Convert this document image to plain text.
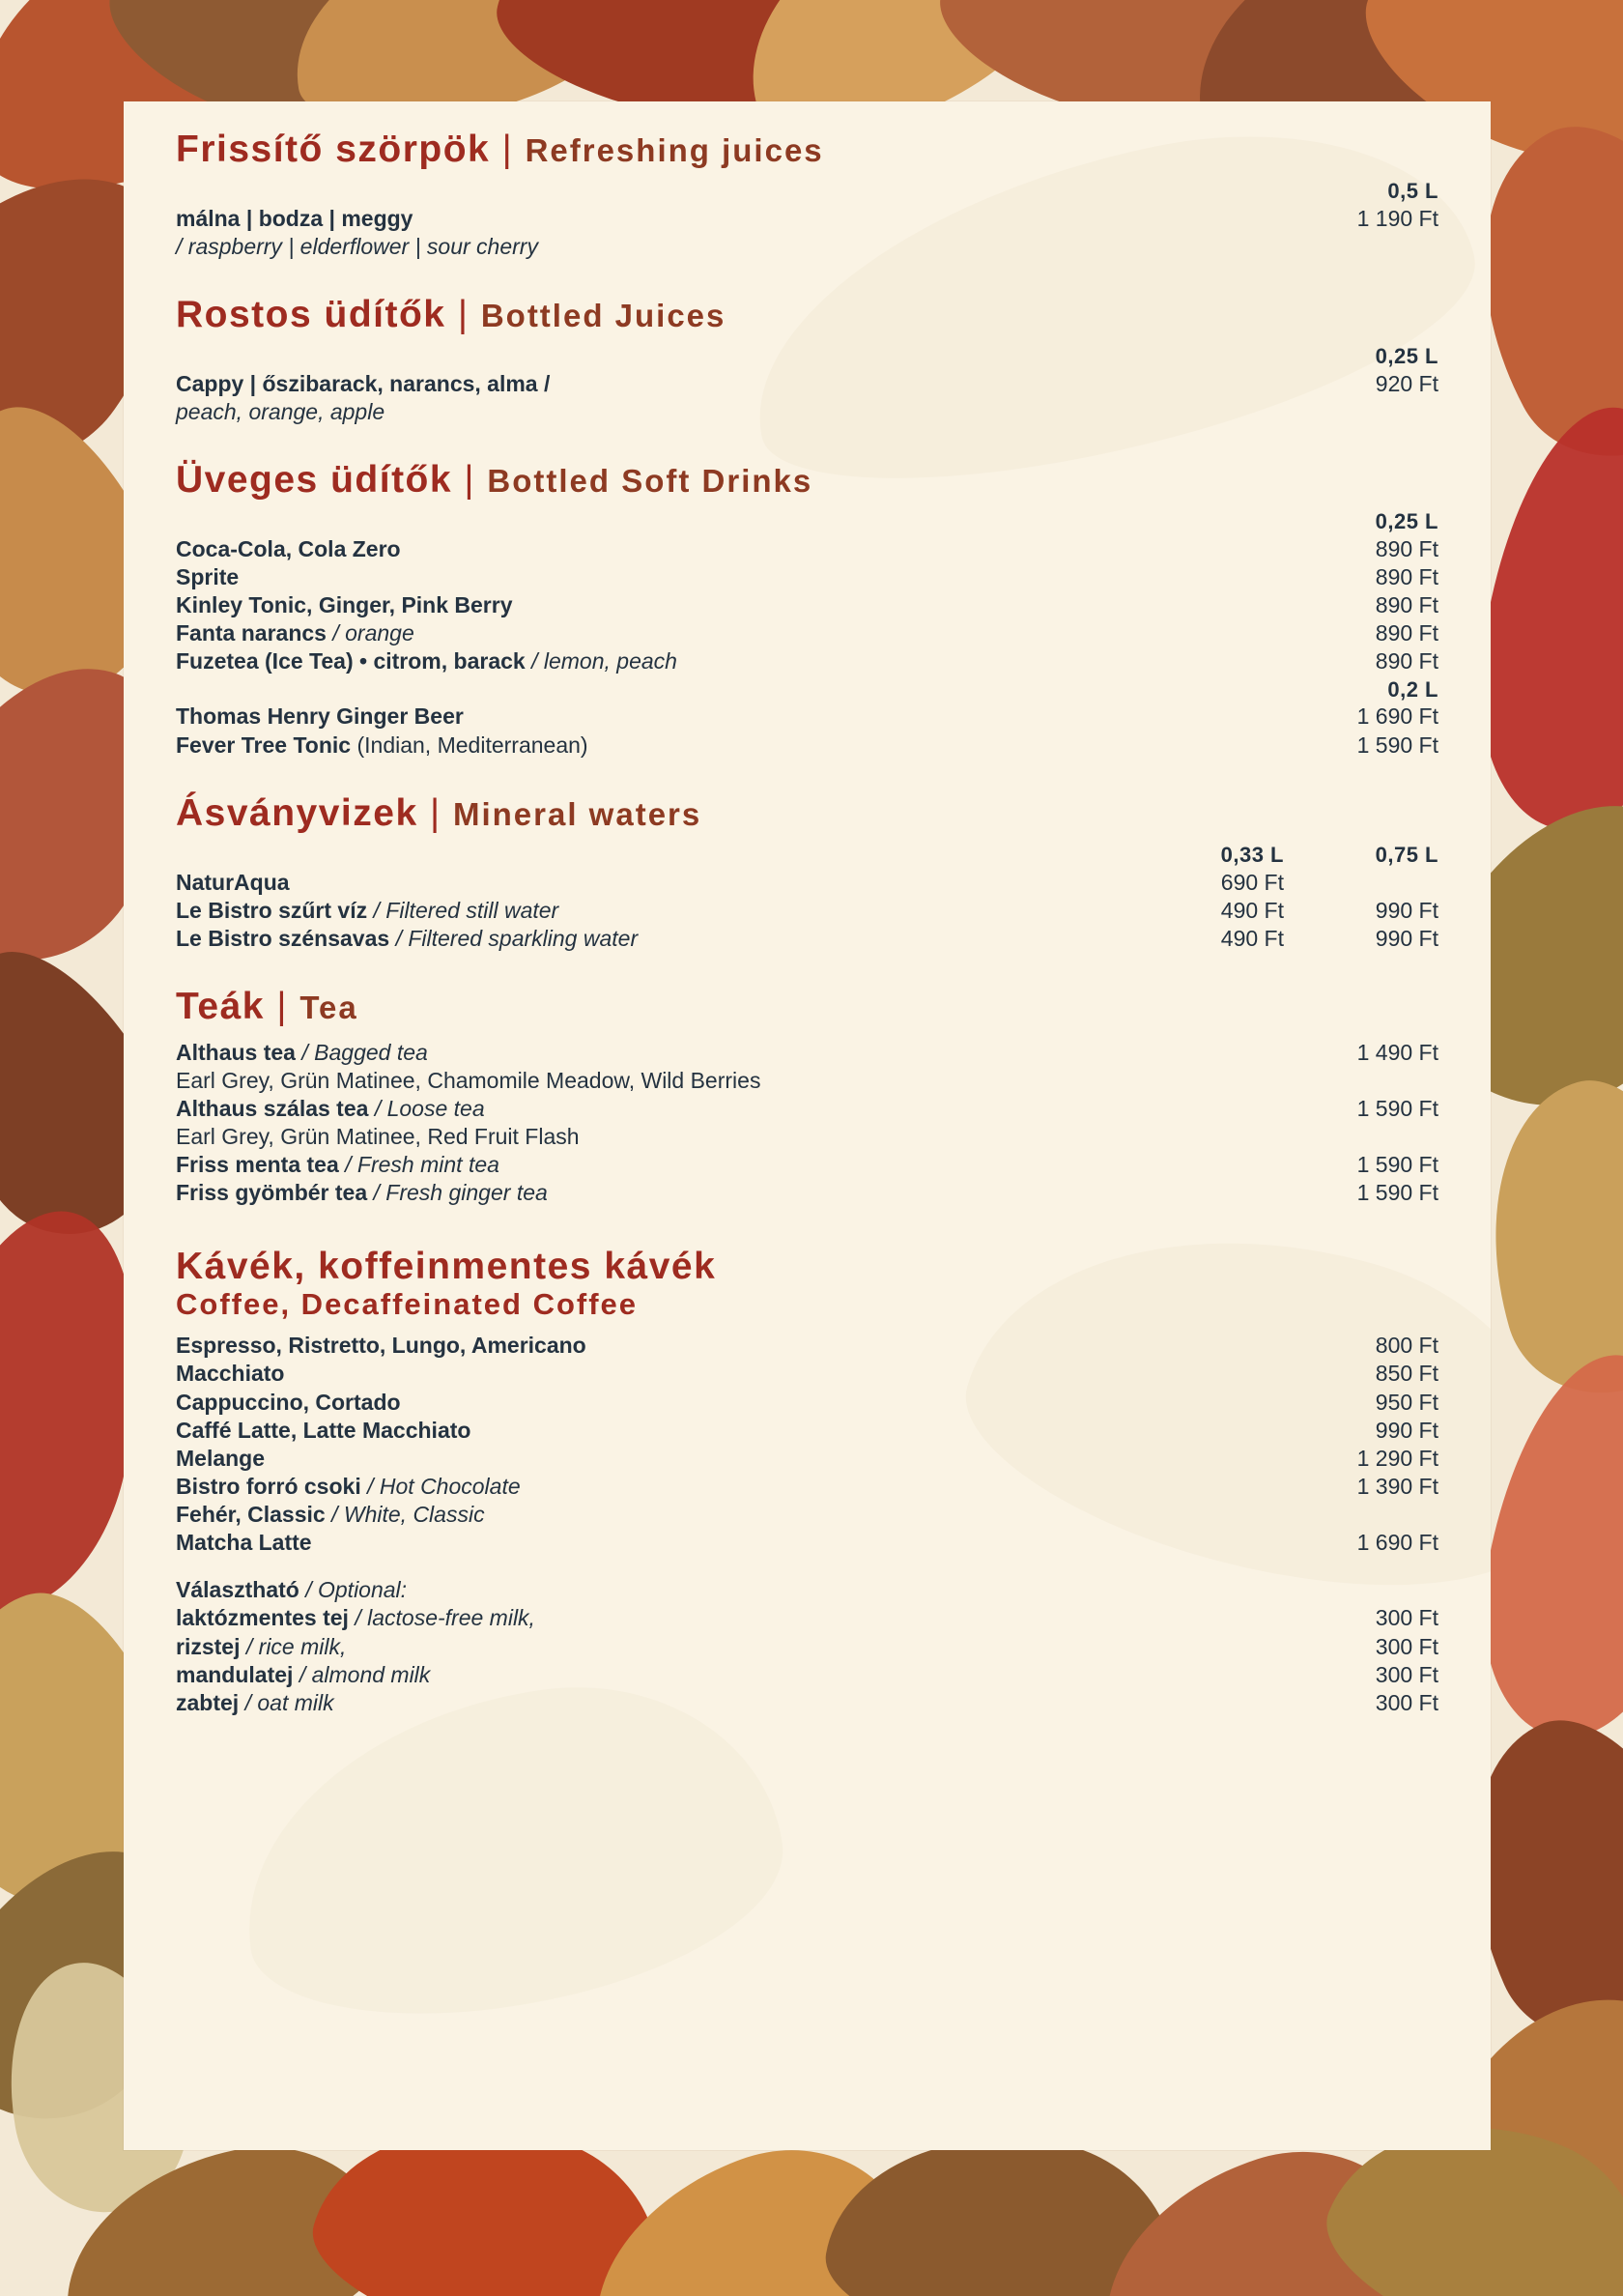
Frissítő szörpök | Refreshing juices
	0,5 L
málna | bodza | meggy	1 190 Ft
/ raspberry | elderflower | sour cherry	
Rostos üdítők | Bottled Juices
	0,25 L
Cappy | őszibarack, narancs, alma /	920 Ft
peach, orange, apple	
Üveges üdítők | Bottled Soft Drinks
	0,25 L
Coca-Cola, Cola Zero	890 Ft
Sprite	890 Ft
Kinley Tonic, Ginger, Pink Berry	890 Ft
Fanta narancs / orange	890 Ft
Fuzetea (Ice Tea) • citrom, barack / lemon, peach	890 Ft
	0,2 L
Thomas Henry Ginger Beer	1 690 Ft
Fever Tree Tonic (Indian, Mediterranean)	1 590 Ft
Ásványvizek | Mineral waters
	0,33 L	0,75 L
NaturAqua	690 Ft	
Le Bistro szűrt víz / Filtered still water	490 Ft	990 Ft
Le Bistro szénsavas / Filtered sparkling water	490 Ft	990 Ft
Teák | Tea
Althaus tea / Bagged tea	1 490 Ft
Earl Grey, Grün Matinee, Chamomile Meadow, Wild Berries	
Althaus szálas tea / Loose tea	1 590 Ft
Earl Grey, Grün Matinee, Red Fruit Flash	
Friss menta tea / Fresh mint tea	1 590 Ft
Friss gyömbér tea / Fresh ginger tea	1 590 Ft
Kávék, koffeinmentes kávék
Coffee, Decaffeinated Coffee
Espresso, Ristretto, Lungo, Americano	800 Ft
Macchiato	850 Ft
Cappuccino, Cortado	950 Ft
Caffé Latte, Latte Macchiato	990 Ft
Melange	1 290 Ft
Bistro forró csoki / Hot Chocolate	1 390 Ft
Fehér, Classic / White, Classic	
Matcha Latte	1 690 Ft
Választható / Optional:	
laktózmentes tej / lactose-free milk,	300 Ft
rizstej / rice milk,	300 Ft
mandulatej / almond milk	300 Ft
zabtej / oat milk	300 Ft
